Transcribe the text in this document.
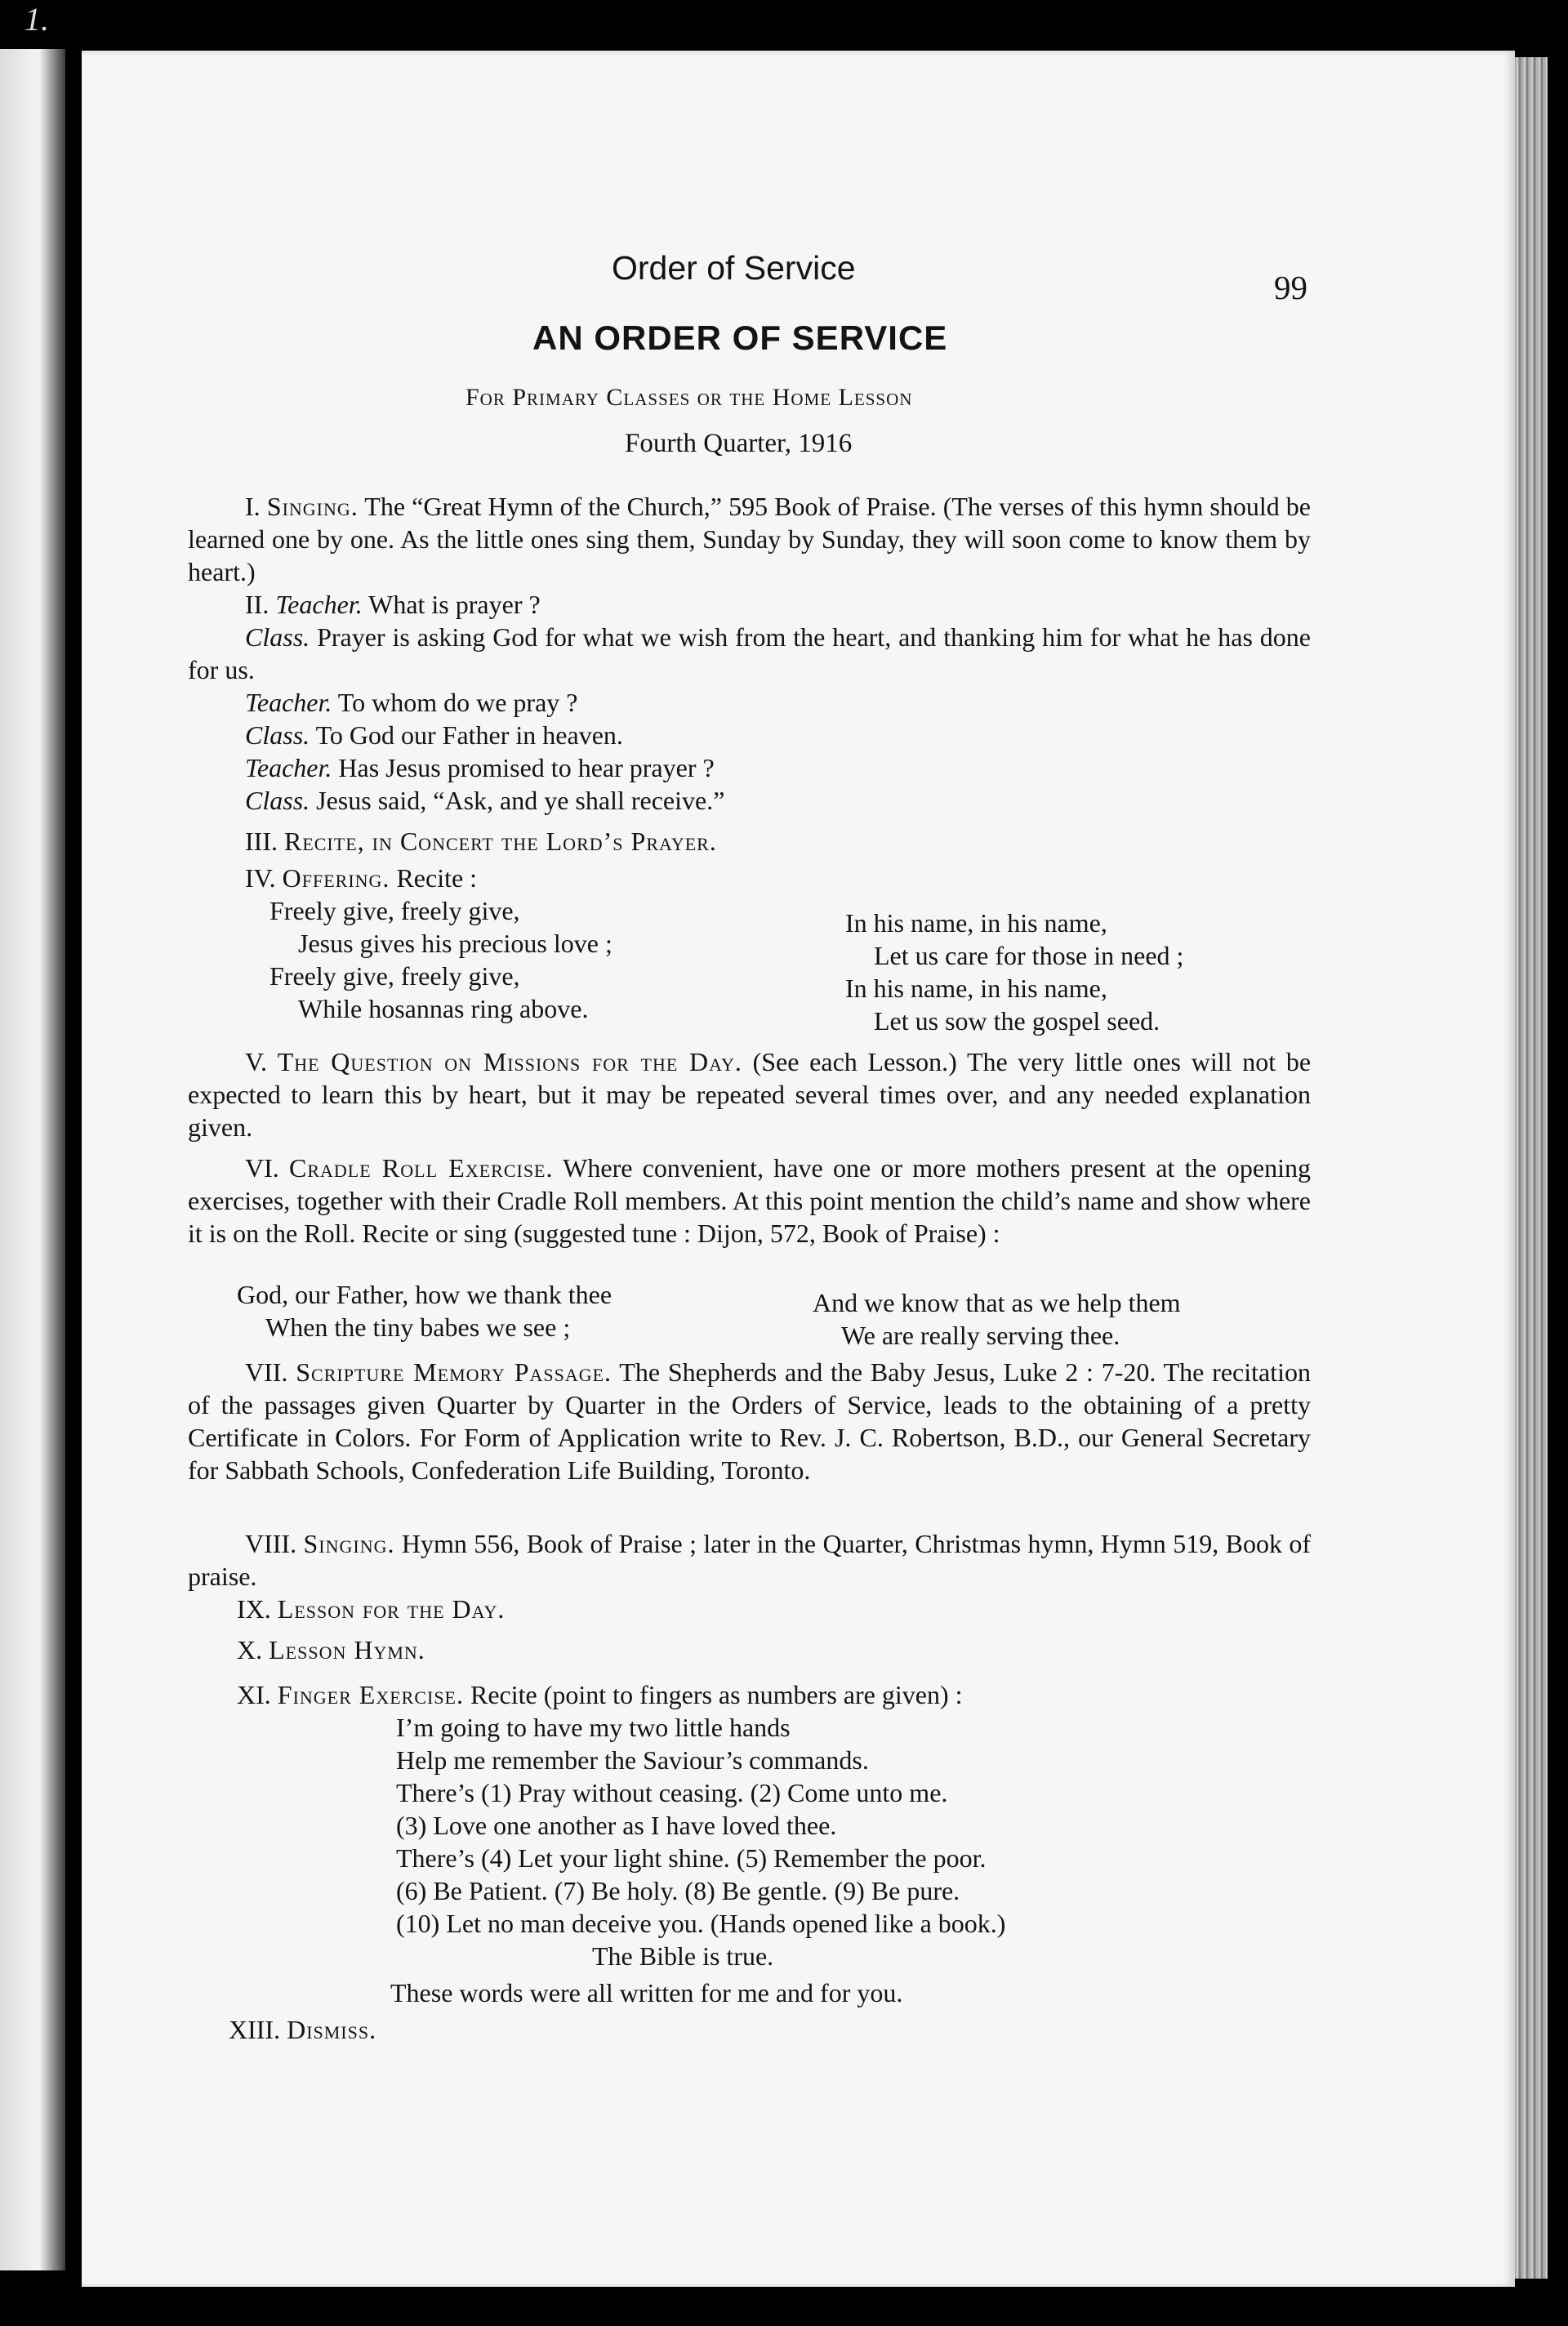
1.
Order of Service
99
AN ORDER OF SERVICE
For Primary Classes or the Home Lesson
Fourth Quarter, 1916
I. Singing. The “Great Hymn of the Church,” 595 Book of Praise. (The verses of this hymn should be learned one by one. As the little ones sing them, Sunday by Sunday, they will soon come to know them by heart.)
II. Teacher. What is prayer ?
Class. Prayer is asking God for what we wish from the heart, and thanking him for what he has done for us.
Teacher. To whom do we pray ?
Class. To God our Father in heaven.
Teacher. Has Jesus promised to hear prayer ?
Class. Jesus said, “Ask, and ye shall receive.”
III. Recite, in Concert the Lord’s Prayer.
IV. Offering. Recite :
Freely give, freely give,
Jesus gives his precious love ;
Freely give, freely give,
While hosannas ring above.
In his name, in his name,
Let us care for those in need ;
In his name, in his name,
Let us sow the gospel seed.
V. The Question on Missions for the Day. (See each Lesson.) The very little ones will not be expected to learn this by heart, but it may be repeated several times over, and any needed explanation given.
VI. Cradle Roll Exercise. Where convenient, have one or more mothers present at the opening exercises, together with their Cradle Roll members. At this point mention the child’s name and show where it is on the Roll. Recite or sing (suggested tune : Dijon, 572, Book of Praise) :
God, our Father, how we thank thee
When the tiny babes we see ;
And we know that as we help them
We are really serving thee.
VII. Scripture Memory Passage. The Shepherds and the Baby Jesus, Luke 2 : 7-20. The recitation of the passages given Quarter by Quarter in the Orders of Service, leads to the obtaining of a pretty Certificate in Colors. For Form of Application write to Rev. J. C. Robertson, B.D., our General Secretary for Sabbath Schools, Confederation Life Building, Toronto.
VIII. Singing. Hymn 556, Book of Praise ; later in the Quarter, Christmas hymn, Hymn 519, Book of praise.
IX. Lesson for the Day.
X. Lesson Hymn.
XI. Finger Exercise. Recite (point to fingers as numbers are given) :
I’m going to have my two little hands
Help me remember the Saviour’s commands.
There’s (1) Pray without ceasing. (2) Come unto me.
(3) Love one another as I have loved thee.
There’s (4) Let your light shine. (5) Remember the poor.
(6) Be Patient. (7) Be holy. (8) Be gentle. (9) Be pure.
(10) Let no man deceive you. (Hands opened like a book.)
The Bible is true.
These words were all written for me and for you.
XIII. Dismiss.
